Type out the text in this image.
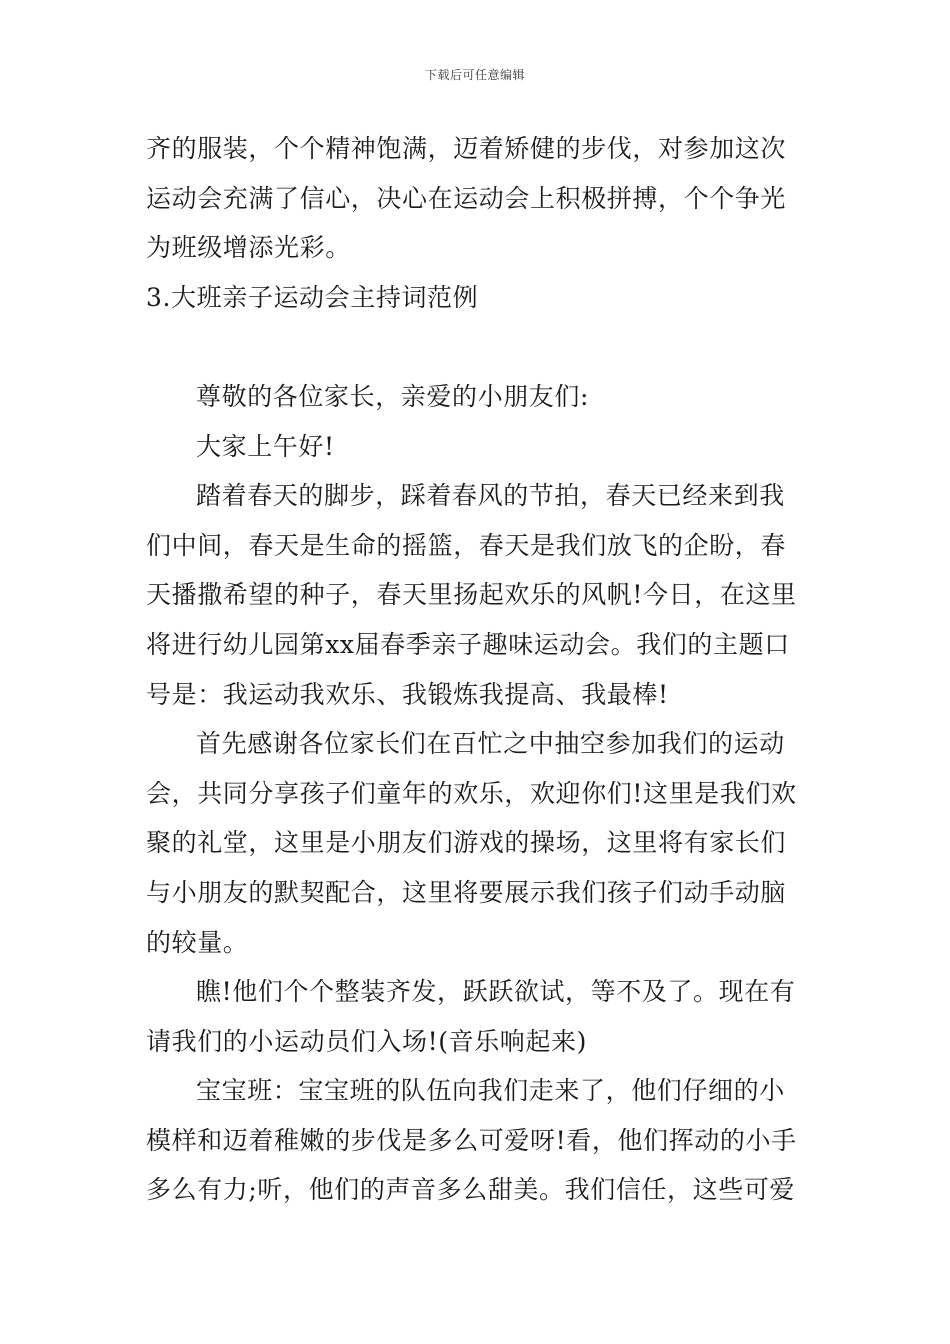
下载后可任意编辑

齐的服装，个个精神饱满，迈着矫健的步伐，对参加这次

运动会充满了信心，决心在运动会上积极拼搏，个个争光

为班级增添光彩。

3.大班亲子运动会主持词范例

尊敬的各位家长，亲爱的小朋友们:

大家上午好!

踏着春天的脚步，踩着春风的节拍，春天已经来到我

们中间，春天是生命的摇篮，春天是我们放飞的企盼，春

天播撒希望的种子，春天里扬起欢乐的风帆!今日，在这里

将进行幼儿园第xx届春季亲子趣味运动会。我们的主题口

号是：我运动我欢乐、我锻炼我提高、我最棒!

首先感谢各位家长们在百忙之中抽空参加我们的运动

会，共同分享孩子们童年的欢乐，欢迎你们!这里是我们欢

聚的礼堂，这里是小朋友们游戏的操场，这里将有家长们

与小朋友的默契配合，这里将要展示我们孩子们动手动脑

的较量。

瞧!他们个个整装齐发，跃跃欲试，等不及了。现在有

请我们的小运动员们入场!(音乐响起来)

宝宝班：宝宝班的队伍向我们走来了，他们仔细的小

模样和迈着稚嫩的步伐是多么可爱呀!看，他们挥动的小手

多么有力;听，他们的声音多么甜美。我们信任，这些可爱
